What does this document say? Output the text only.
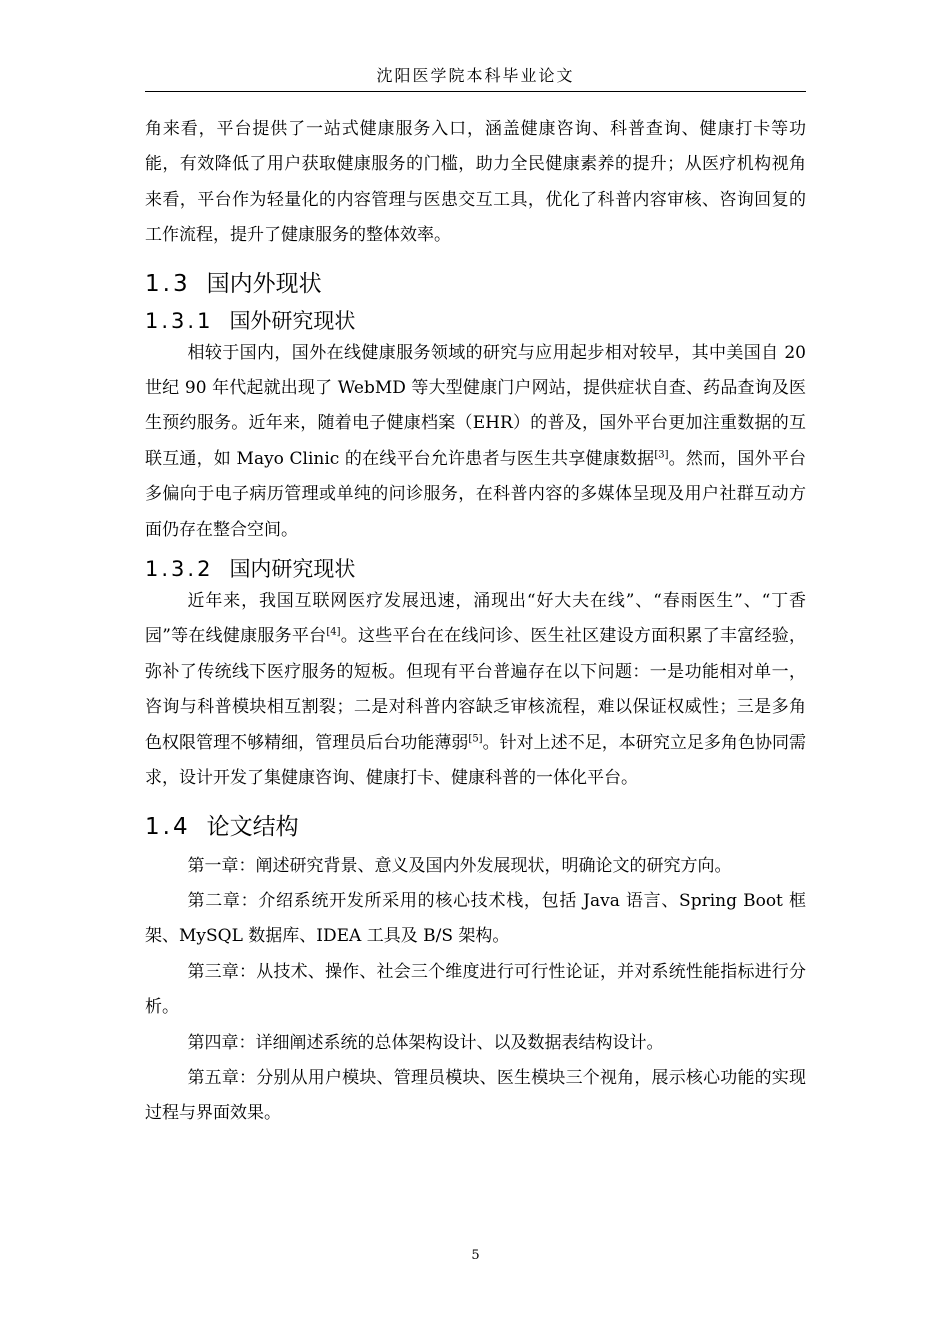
沈阳医学院本科毕业论文

角来看，平台提供了一站式健康服务入口，涵盖健康咨询、科普查询、健康打卡等功能，有效降低了用户获取健康服务的门槛，助力全民健康素养的提升；从医疗机构视角来看，平台作为轻量化的内容管理与医患交互工具，优化了科普内容审核、咨询回复的工作流程，提升了健康服务的整体效率。

1.3 国内外现状
1.3.1 国外研究现状

相较于国内，国外在线健康服务领域的研究与应用起步相对较早，其中美国自 20 世纪 90 年代起就出现了 WebMD 等大型健康门户网站，提供症状自查、药品查询及医生预约服务。近年来，随着电子健康档案（EHR）的普及，国外平台更加注重数据的互联互通，如 Mayo Clinic 的在线平台允许患者与医生共享健康数据[3]。然而，国外平台多偏向于电子病历管理或单纯的问诊服务，在科普内容的多媒体呈现及用户社群互动方面仍存在整合空间。

1.3.2 国内研究现状

近年来，我国互联网医疗发展迅速，涌现出“好大夫在线”、“春雨医生”、“丁香园”等在线健康服务平台[4]。这些平台在在线问诊、医生社区建设方面积累了丰富经验，弥补了传统线下医疗服务的短板。但现有平台普遍存在以下问题：一是功能相对单一，咨询与科普模块相互割裂；二是对科普内容缺乏审核流程，难以保证权威性；三是多角色权限管理不够精细，管理员后台功能薄弱[5]。针对上述不足，本研究立足多角色协同需求，设计开发了集健康咨询、健康打卡、健康科普的一体化平台。

1.4 论文结构

第一章：阐述研究背景、意义及国内外发展现状，明确论文的研究方向。

第二章：介绍系统开发所采用的核心技术栈，包括 Java 语言、Spring Boot 框架、MySQL 数据库、IDEA 工具及 B/S 架构。

第三章：从技术、操作、社会三个维度进行可行性论证，并对系统性能指标进行分析。

第四章：详细阐述系统的总体架构设计、以及数据表结构设计。

第五章：分别从用户模块、管理员模块、医生模块三个视角，展示核心功能的实现过程与界面效果。

5
